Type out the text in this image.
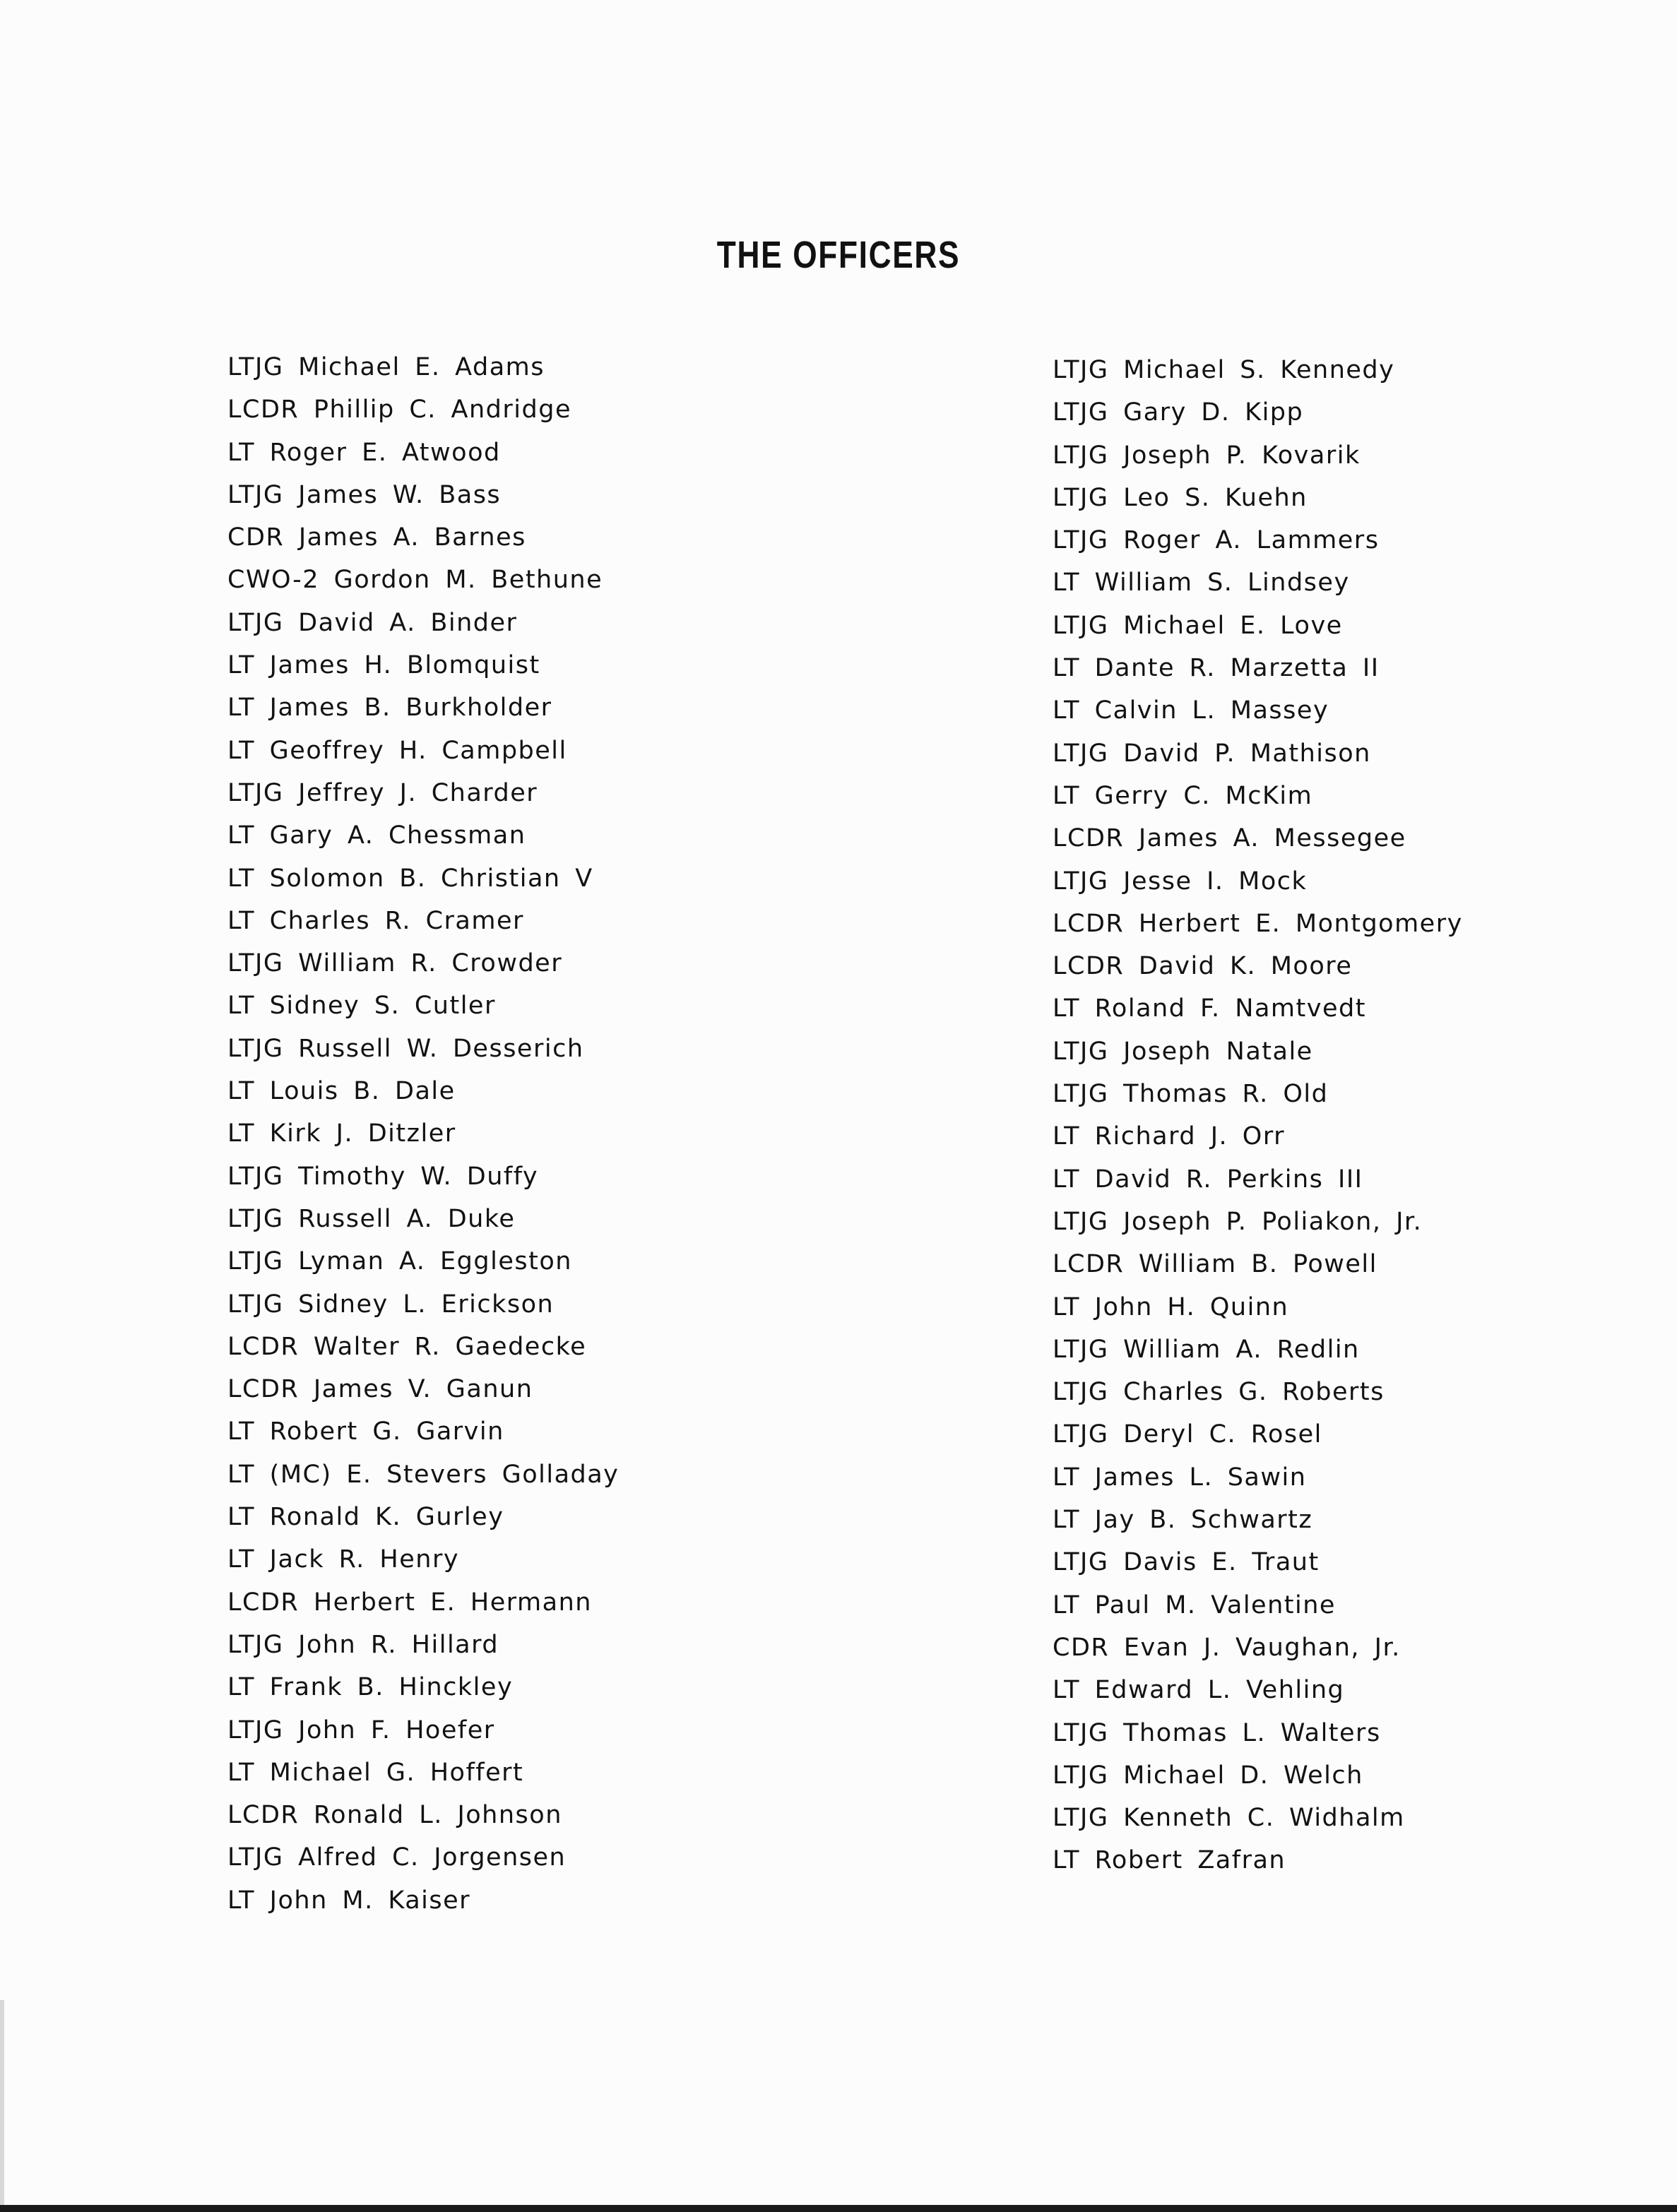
THE OFFICERS
LTJG Michael E. Adams
LCDR Phillip C. Andridge
LT Roger E. Atwood
LTJG James W. Bass
CDR James A. Barnes
CWO-2 Gordon M. Bethune
LTJG David A. Binder
LT James H. Blomquist
LT James B. Burkholder
LT Geoffrey H. Campbell
LTJG Jeffrey J. Charder
LT Gary A. Chessman
LT Solomon B. Christian V
LT Charles R. Cramer
LTJG William R. Crowder
LT Sidney S. Cutler
LTJG Russell W. Desserich
LT Louis B. Dale
LT Kirk J. Ditzler
LTJG Timothy W. Duffy
LTJG Russell A. Duke
LTJG Lyman A. Eggleston
LTJG Sidney L. Erickson
LCDR Walter R. Gaedecke
LCDR James V. Ganun
LT Robert G. Garvin
LT (MC) E. Stevers Golladay
LT Ronald K. Gurley
LT Jack R. Henry
LCDR Herbert E. Hermann
LTJG John R. Hillard
LT Frank B. Hinckley
LTJG John F. Hoefer
LT Michael G. Hoffert
LCDR Ronald L. Johnson
LTJG Alfred C. Jorgensen
LT John M. Kaiser
LTJG Michael S. Kennedy
LTJG Gary D. Kipp
LTJG Joseph P. Kovarik
LTJG Leo S. Kuehn
LTJG Roger A. Lammers
LT William S. Lindsey
LTJG Michael E. Love
LT Dante R. Marzetta II
LT Calvin L. Massey
LTJG David P. Mathison
LT Gerry C. McKim
LCDR James A. Messegee
LTJG Jesse I. Mock
LCDR Herbert E. Montgomery
LCDR David K. Moore
LT Roland F. Namtvedt
LTJG Joseph Natale
LTJG Thomas R. Old
LT Richard J. Orr
LT David R. Perkins III
LTJG Joseph P. Poliakon, Jr.
LCDR William B. Powell
LT John H. Quinn
LTJG William A. Redlin
LTJG Charles G. Roberts
LTJG Deryl C. Rosel
LT James L. Sawin
LT Jay B. Schwartz
LTJG Davis E. Traut
LT Paul M. Valentine
CDR Evan J. Vaughan, Jr.
LT Edward L. Vehling
LTJG Thomas L. Walters
LTJG Michael D. Welch
LTJG Kenneth C. Widhalm
LT Robert Zafran
